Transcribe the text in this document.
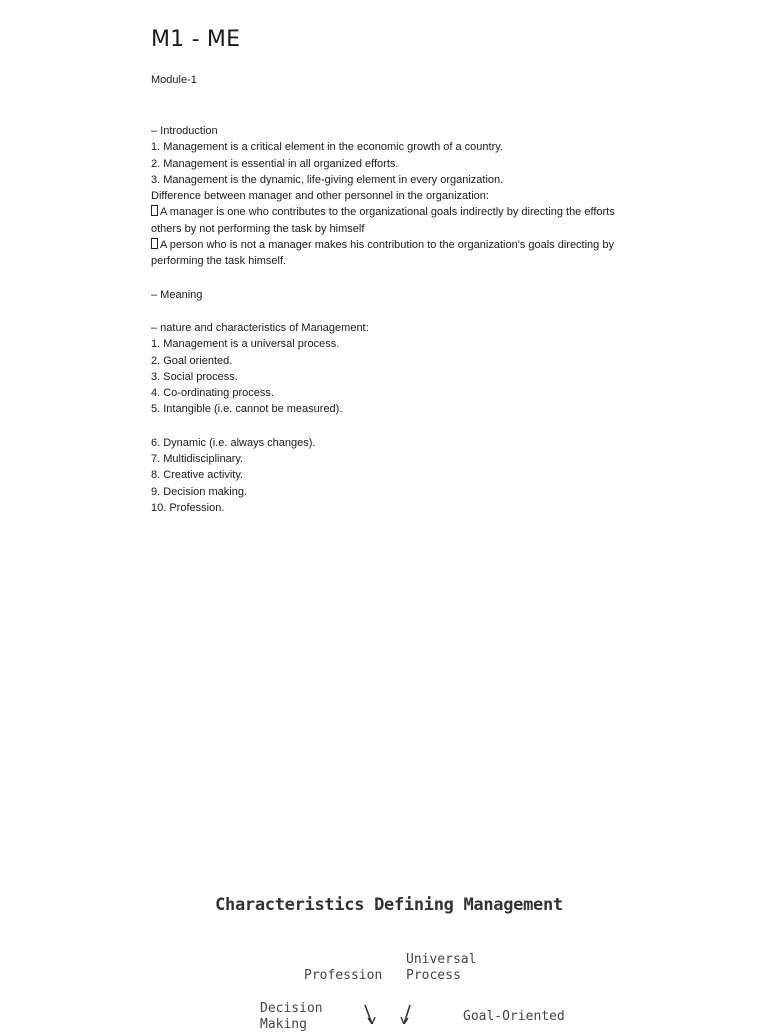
M1 - ME
Module-1

– Introduction

1. Management is a critical element in the economic growth of a country.

2. Management is essential in all organized efforts.

3. Management is the dynamic, life-giving element in every organization.

Difference between manager and other personnel in the organization:

A manager is one who contributes to the organizational goals indirectly by directing the efforts others by not performing the task by himself

A person who is not a manager makes his contribution to the organization's goals directing by performing the task himself.

– Meaning

– nature and characteristics of Management:

1. Management is a universal process.

2. Goal oriented.

3. Social process.

4. Co-ordinating process.

5. Intangible (i.e. cannot be measured).

6. Dynamic (i.e. always changes).

7. Multidisciplinary.

8. Creative activity.

9. Decision making.

10. Profession.

Characteristics Defining Management
Profession
Universal
Process
Decision
Making
Goal-Oriented
